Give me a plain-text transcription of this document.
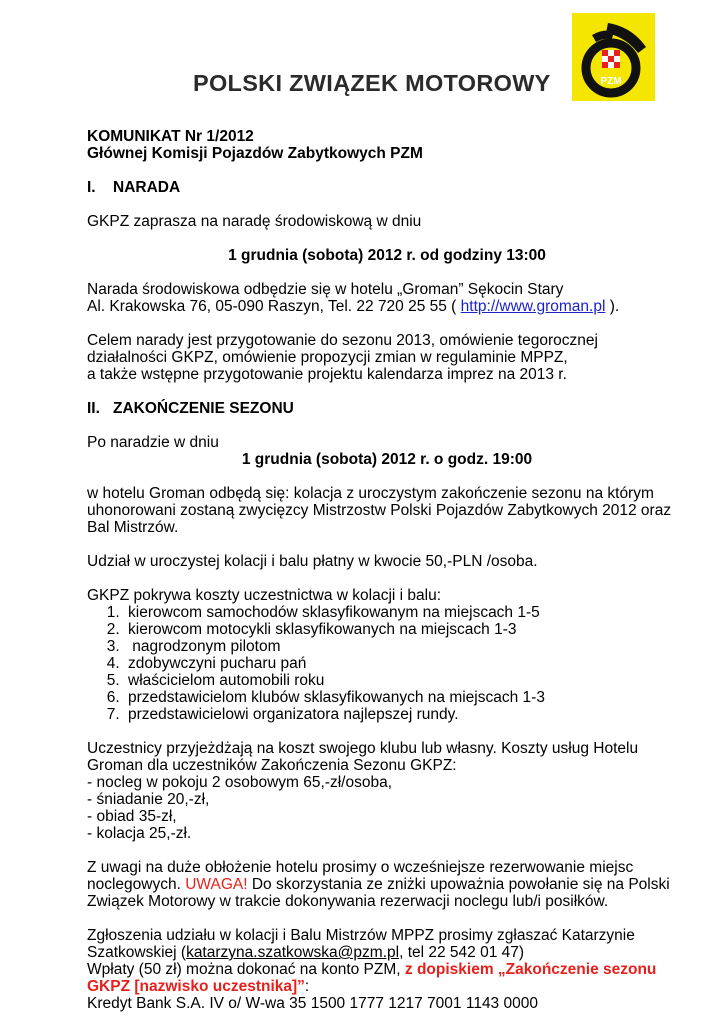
PZM
POLSKI ZWIĄZEK MOTOROWY
KOMUNIKAT Nr 1/2012
Głównej Komisji Pojazdów Zabytkowych PZM
I. NARADA
GKPZ zaprasza na naradę środowiskową w dniu
1 grudnia (sobota) 2012 r. od godziny 13:00
Narada środowiskowa odbędzie się w hotelu „Groman” Sękocin Stary
Al. Krakowska 76, 05-090 Raszyn, Tel. 22 720 25 55 ( http://www.groman.pl ).
Celem narady jest przygotowanie do sezonu 2013, omówienie tegorocznej
działalności GKPZ, omówienie propozycji zmian w regulaminie MPPZ,
a także wstępne przygotowanie projektu kalendarza imprez na 2013 r.
II. ZAKOŃCZENIE SEZONU
Po naradzie w dniu
1 grudnia (sobota) 2012 r. o godz. 19:00
w hotelu Groman odbędą się: kolacja z uroczystym zakończenie sezonu na którym
uhonorowani zostaną zwycięzcy Mistrzostw Polski Pojazdów Zabytkowych 2012 oraz
Bal Mistrzów.
Udział w uroczystej kolacji i balu płatny w kwocie 50,-PLN /osoba.
GKPZ pokrywa koszty uczestnictwa w kolacji i balu:
1. kierowcom samochodów sklasyfikowanym na miejscach 1-5
2. kierowcom motocykli sklasyfikowanych na miejscach 1-3
3.  nagrodzonym pilotom
4. zdobywczyni pucharu pań
5. właścicielom automobili roku
6. przedstawicielom klubów sklasyfikowanych na miejscach 1-3
7. przedstawicielowi organizatora najlepszej rundy.
Uczestnicy przyjeżdżają na koszt swojego klubu lub własny. Koszty usług Hotelu
Groman dla uczestników Zakończenia Sezonu GKPZ:
- nocleg w pokoju 2 osobowym 65,-zł/osoba,
- śniadanie 20,-zł,
- obiad 35-zł,
- kolacja 25,-zł.
Z uwagi na duże obłożenie hotelu prosimy o wcześniejsze rezerwowanie miejsc
noclegowych. UWAGA! Do skorzystania ze zniżki upoważnia powołanie się na Polski
Związek Motorowy w trakcie dokonywania rezerwacji noclegu lub/i posiłków.
Zgłoszenia udziału w kolacji i Balu Mistrzów MPPZ prosimy zgłaszać Katarzynie
Szatkowskiej (katarzyna.szatkowska@pzm.pl, tel 22 542 01 47)
Wpłaty (50 zł) można dokonać na konto PZM, z dopiskiem „Zakończenie sezonu
GKPZ [nazwisko uczestnika]”:
Kredyt Bank S.A. IV o/ W-wa 35 1500 1777 1217 7001 1143 0000
